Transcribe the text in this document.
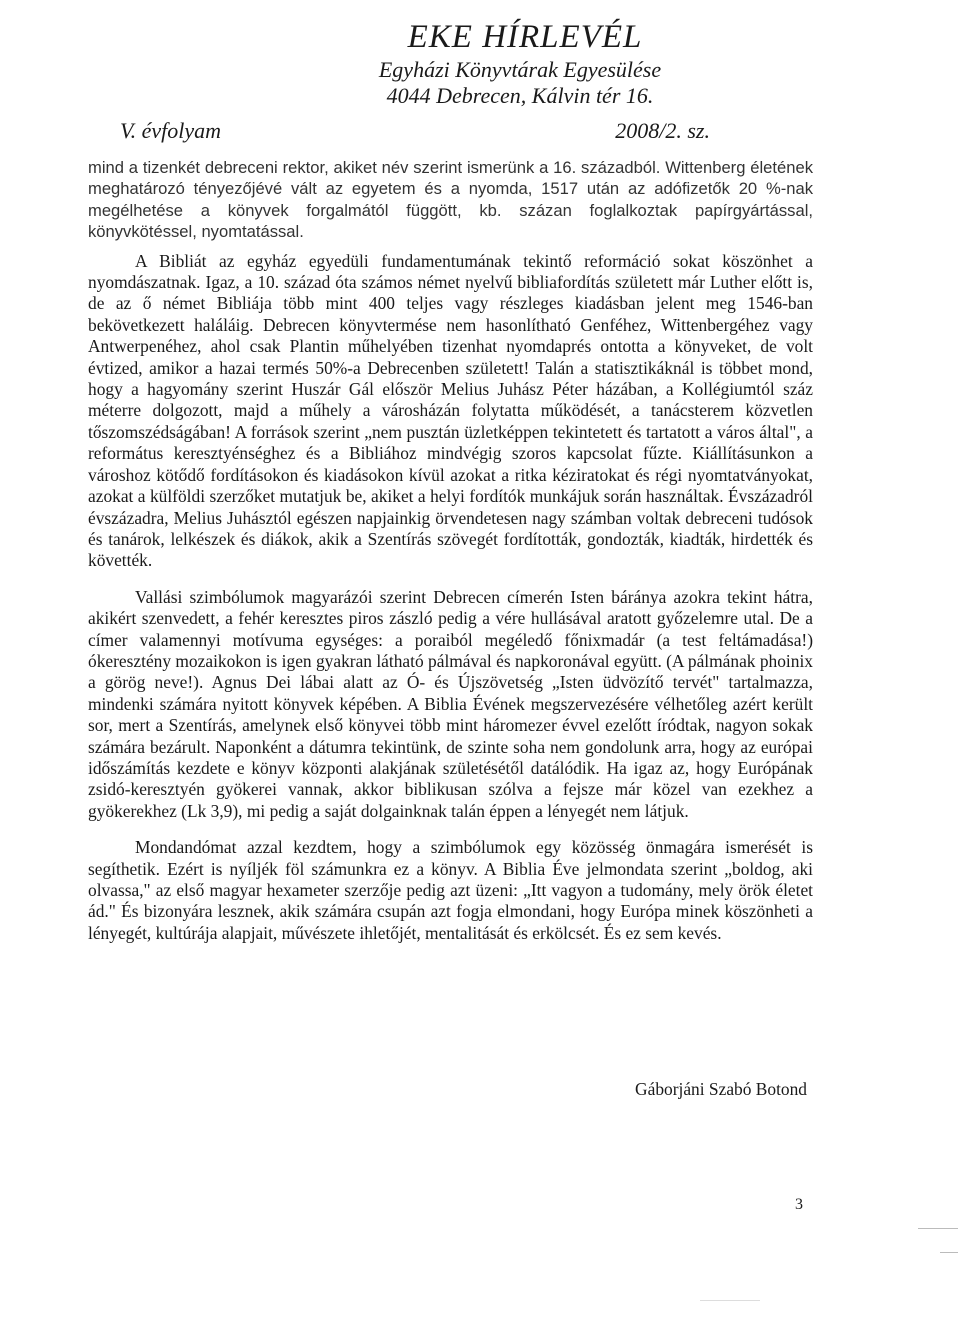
EKE HÍRLEVÉL
Egyházi Könyvtárak Egyesülése
4044 Debrecen, Kálvin tér 16.
V. évfolyam	2008/2. sz.

mind a tizenkét debreceni rektor, akiket név szerint ismerünk a 16. századból. Wittenberg életének meghatározó tényezőjévé vált az egyetem és a nyomda, 1517 után az adófizetők 20 %-nak megélhetése a könyvek forgalmától függött, kb. százan foglalkoztak papírgyártással, könyvkötéssel, nyomtatással.

A Bibliát az egyház egyedüli fundamentumának tekintő reformáció sokat köszönhet a nyomdászatnak. Igaz, a 10. század óta számos német nyelvű bibliafordítás született már Luther előtt is, de az ő német Bibliája több mint 400 teljes vagy részleges kiadásban jelent meg 1546-ban bekövetkezett haláláig. Debrecen könyvtermése nem hasonlítható Genféhez, Wittenbergéhez vagy Antwerpenéhez, ahol csak Plantin műhelyében tizenhat nyomdaprés ontotta a könyveket, de volt évtized, amikor a hazai termés 50%-a Debrecenben született! Talán a statisztikáknál is többet mond, hogy a hagyomány szerint Huszár Gál először Melius Juhász Péter házában, a Kollégiumtól száz méterre dolgozott, majd a műhely a városházán folytatta működését, a tanácsterem közvetlen tőszomszédságában! A források szerint „nem pusztán üzletképpen tekintetett és tartatott a város által", a református keresztyénséghez és a Bibliához mindvégig szoros kapcsolat fűzte. Kiállításunkon a városhoz kötődő fordításokon és kiadásokon kívül azokat a ritka kéziratokat és régi nyomtatványokat, azokat a külföldi szerzőket mutatjuk be, akiket a helyi fordítók munkájuk során használtak. Évszázadról évszázadra, Melius Juhásztól egészen napjainkig örvendetesen nagy számban voltak debreceni tudósok és tanárok, lelkészek és diákok, akik a Szentírás szövegét fordították, gondozták, kiadták, hirdették és követték.

Vallási szimbólumok magyarázói szerint Debrecen címerén Isten báránya azokra tekint hátra, akikért szenvedett, a fehér keresztes piros zászló pedig a vére hullásával aratott győzelemre utal. De a címer valamennyi motívuma egységes: a poraiból megéledő főnixmadár (a test feltámadása!) ókeresztény mozaikokon is igen gyakran látható pálmával és napkoronával együtt. (A pálmának phoinix a görög neve!). Agnus Dei lábai alatt az Ó- és Újszövetség „Isten üdvözítő tervét" tartalmazza, mindenki számára nyitott könyvek képében. A Biblia Évének megszervezésére vélhetőleg azért került sor, mert a Szentírás, amelynek első könyvei több mint háromezer évvel ezelőtt íródtak, nagyon sokak számára bezárult. Naponként a dátumra tekintünk, de szinte soha nem gondolunk arra, hogy az európai időszámítás kezdete e könyv központi alakjának születésétől datálódik. Ha igaz az, hogy Európának zsidó-keresztyén gyökerei vannak, akkor biblikusan szólva a fejsze már közel van ezekhez a gyökerekhez (Lk 3,9), mi pedig a saját dolgainknak talán éppen a lényegét nem látjuk.

Mondandómat azzal kezdtem, hogy a szimbólumok egy közösség önmagára ismerését is segíthetik. Ezért is nyíljék föl számunkra ez a könyv. A Biblia Éve jelmondata szerint „boldog, aki olvassa," az első magyar hexameter szerzője pedig azt üzeni: „Itt vagyon a tudomány, mely örök életet ád." És bizonyára lesznek, akik számára csupán azt fogja elmondani, hogy Európa minek köszönheti a lényegét, kultúrája alapjait, művészete ihletőjét, mentalitását és erkölcsét. És ez sem kevés.

Gáborjáni Szabó Botond
3
